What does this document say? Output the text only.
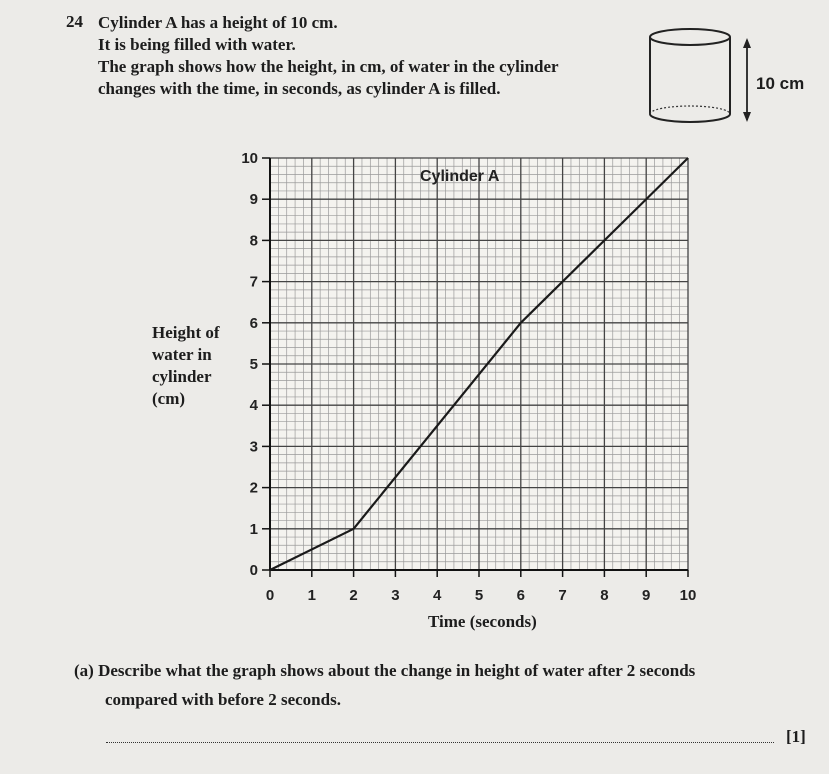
24 Cylinder A has a height of 10 cm.
It is being filled with water.
The graph shows how the height, in cm, of water in the cylinder
changes with the time, in seconds, as cylinder A is filled.	10 cm
0 1 2 3 4 5 6 7 8 9 10
0
1
2
3
4
5
6
7
8
9
10
Cylinder A
Height of
water in
cylinder
(cm)
Time (seconds)
(a) Describe what the graph shows about the change in height of water after 2 seconds
compared with before 2 seconds.
[1]
